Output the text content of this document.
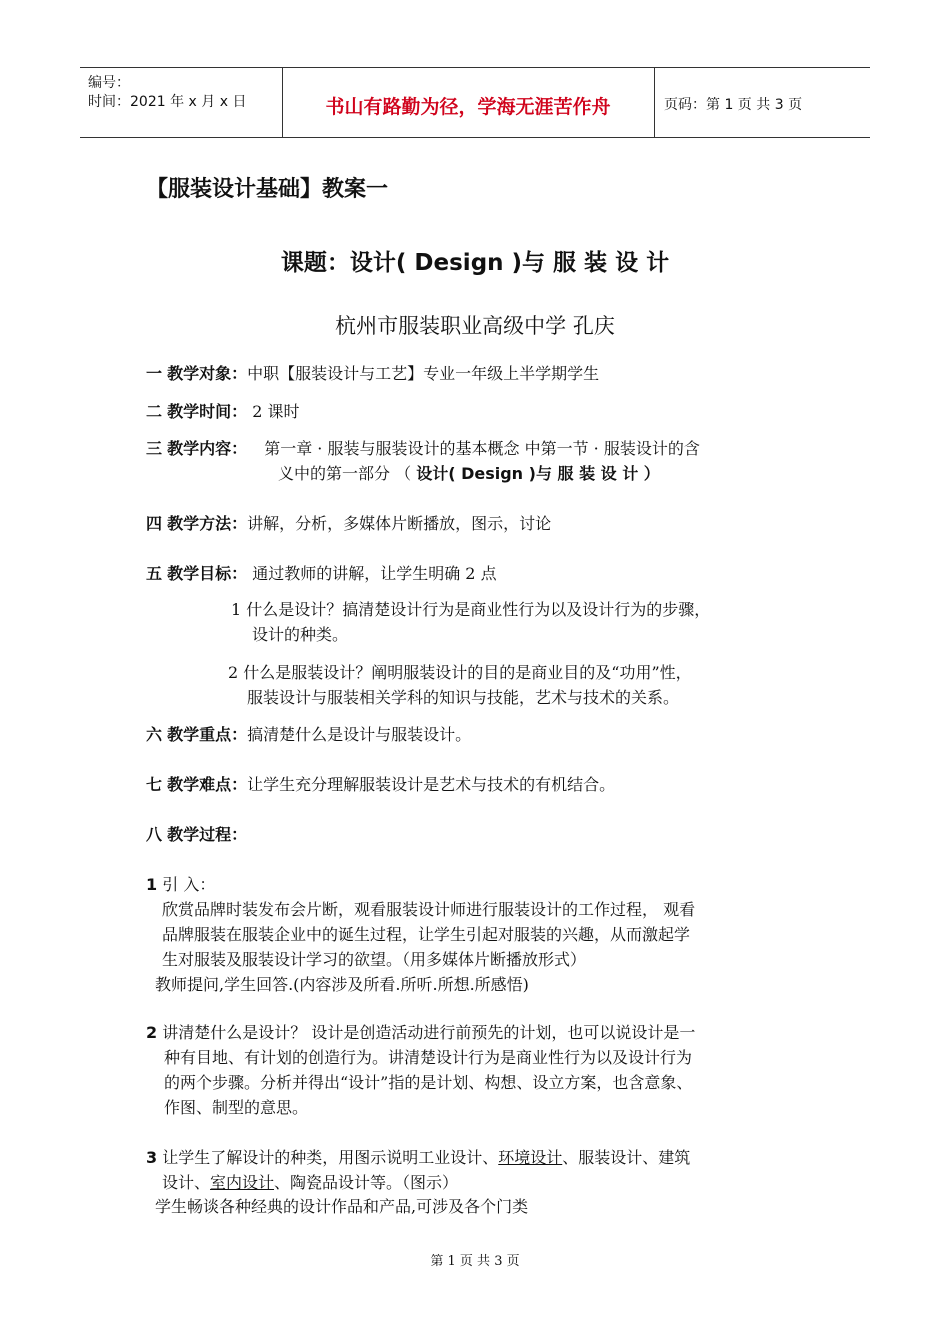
编号：
时间：2021 年 x 月 x 日	书山有路勤为径，学海无涯苦作舟	页码：第 1 页 共 3 页
【服装设计基础】教案一
课题：设计( Design )与 服 装 设 计
杭州市服装职业高级中学 孔庆
一 教学对象：中职【服装设计与工艺】专业一年级上半学期学生
二 教学时间： 2 课时
三 教学内容： 第一章 · 服装与服装设计的基本概念 中第一节 · 服装设计的含
义中的第一部分 （ 设计( Design )与 服 装 设 计 ）
四 教学方法：讲解，分析，多媒体片断播放，图示，讨论
五 教学目标： 通过教师的讲解，让学生明确 2 点
1 什么是设计？搞清楚设计行为是商业性行为以及设计行为的步骤，
设计的种类。
2 什么是服装设计？阐明服装设计的目的是商业目的及“功用”性，
服装设计与服装相关学科的知识与技能，艺术与技术的关系。
六 教学重点：搞清楚什么是设计与服装设计。
七 教学难点：让学生充分理解服装设计是艺术与技术的有机结合。
八 教学过程：
1 引 入：
欣赏品牌时装发布会片断，观看服装设计师进行服装设计的工作过程， 观看
品牌服装在服装企业中的诞生过程，让学生引起对服装的兴趣，从而激起学
生对服装及服装设计学习的欲望。（用多媒体片断播放形式）
教师提问,学生回答.(内容涉及所看.所听.所想.所感悟)
2 讲清楚什么是设计？ 设计是创造活动进行前预先的计划，也可以说设计是一
种有目地、有计划的创造行为。讲清楚设计行为是商业性行为以及设计行为
的两个步骤。分析并得出“设计”指的是计划、构想、设立方案，也含意象、
作图、制型的意思。
3 让学生了解设计的种类，用图示说明工业设计、环境设计、服装设计、建筑
设计、室内设计、陶瓷品设计等。（图示）
学生畅谈各种经典的设计作品和产品,可涉及各个门类
第 1 页 共 3 页
